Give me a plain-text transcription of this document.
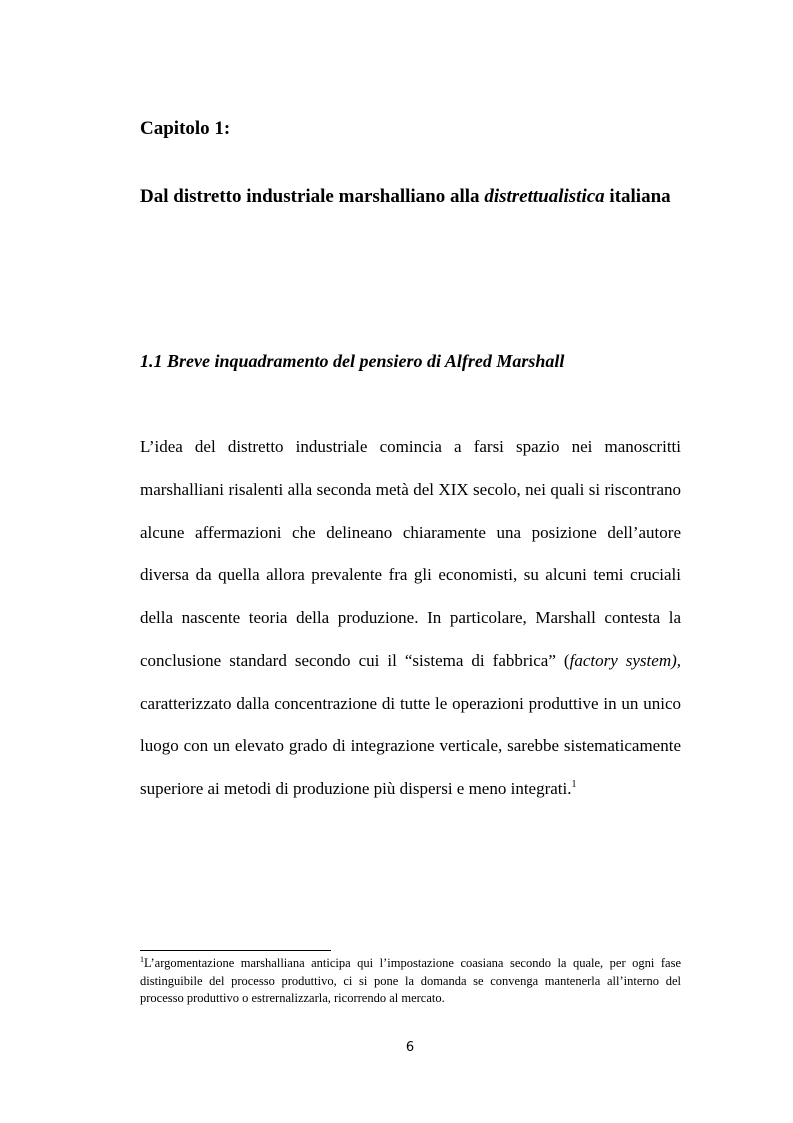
Capitolo 1:
Dal distretto industriale marshalliano alla distrettualistica italiana
1.1 Breve inquadramento del pensiero di Alfred Marshall

L’idea del distretto industriale comincia a farsi spazio nei manoscritti marshalliani risalenti alla seconda metà del XIX secolo, nei quali si riscontrano alcune affermazioni che delineano chiaramente una posizione dell’autore diversa da quella allora prevalente fra gli economisti, su alcuni temi cruciali della nascente teoria della produzione. In particolare, Marshall contesta la conclusione standard secondo cui il “sistema di fabbrica” (factory system), caratterizzato dalla concentrazione di tutte le operazioni produttive in un unico luogo con un elevato grado di integrazione verticale, sarebbe sistematicamente superiore ai metodi di produzione più dispersi e meno integrati.$^1$

$^1$L’argomentazione marshalliana anticipa qui l’impostazione coasiana secondo la quale, per ogni fase distinguibile del processo produttivo, ci si pone la domanda se convenga mantenerla all’interno del processo produttivo o estrernalizzarla, ricorrendo al mercato.

6
